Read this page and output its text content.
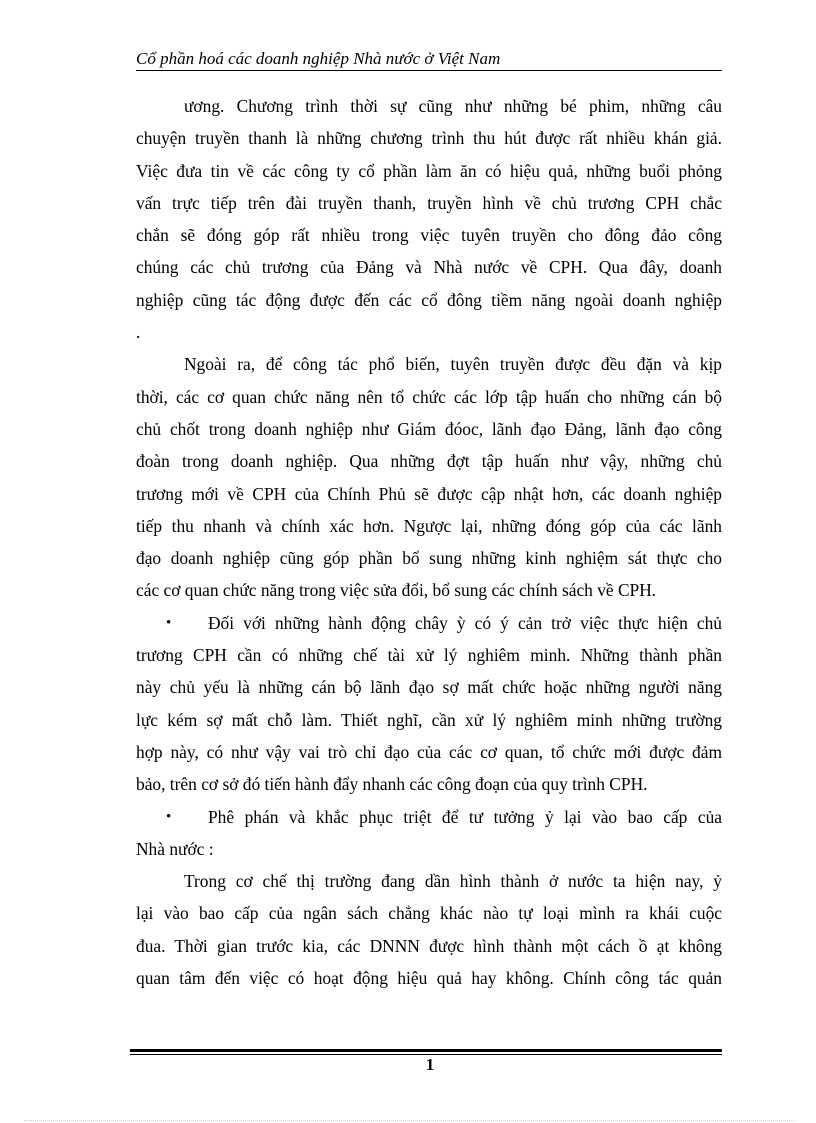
Cổ phần hoá các doanh nghiệp Nhà nước ở Việt Nam
ương. Chương trình thời sự cũng như những bé phim, những câu
chuyện truyền thanh là những chương trình thu hút được rất nhiều khán giả.
Việc đưa tin về các công ty cổ phần làm ăn có hiệu quả, những buổi phỏng
vấn trực tiếp trên đài truyền thanh, truyền hình về chủ trương CPH chắc
chắn sẽ đóng góp rất nhiều trong việc tuyên truyền cho đông đảo công
chúng các chủ trương của Đảng và Nhà nước về CPH. Qua đây, doanh
nghiệp cũng tác động được đến các cổ đông tiềm năng ngoài doanh nghiệp
.
Ngoài ra, để công tác phổ biến, tuyên truyền được đều đặn và kịp
thời, các cơ quan chức năng nên tổ chức các lớp tập huấn cho những cán bộ
chủ chốt trong doanh nghiệp như Giám đóoc, lãnh đạo Đảng, lãnh đạo công
đoàn trong doanh nghiệp. Qua những đợt tập huấn như vậy, những chủ
trương mới về CPH của Chính Phủ sẽ được cập nhật hơn, các doanh nghiệp
tiếp thu nhanh và chính xác hơn. Ngược lại, những đóng góp của các lãnh
đạo doanh nghiệp cũng góp phần bổ sung những kinh nghiệm sát thực cho
các cơ quan chức năng trong việc sửa đổi, bổ sung các chính sách về CPH.
• Đối với những hành động chây ỳ có ý cản trở việc thực hiện chủ
trương CPH cần có những chế tài xử lý nghiêm minh. Những thành phần
này chủ yếu là những cán bộ lãnh đạo sợ mất chức hoặc những người năng
lực kém sợ mất chỗ làm. Thiết nghĩ, cần xử lý nghiêm minh những trường
hợp này, có như vậy vai trò chỉ đạo của các cơ quan, tổ chức mới được đảm
bảo, trên cơ sở đó tiến hành đẩy nhanh các công đoạn của quy trình CPH.
• Phê phán và khắc phục triệt để tư tưởng ỷ lại vào bao cấp của
Nhà nước :
Trong cơ chế thị trường đang dần hình thành ở nước ta hiện nay, ỷ
lại vào bao cấp của ngân sách chẳng khác nào tự loại mình ra khái cuộc
đua. Thời gian trước kia, các DNNN được hình thành một cách ồ ạt không
quan tâm đến việc có hoạt động hiệu quả hay không. Chính công tác quản
1
